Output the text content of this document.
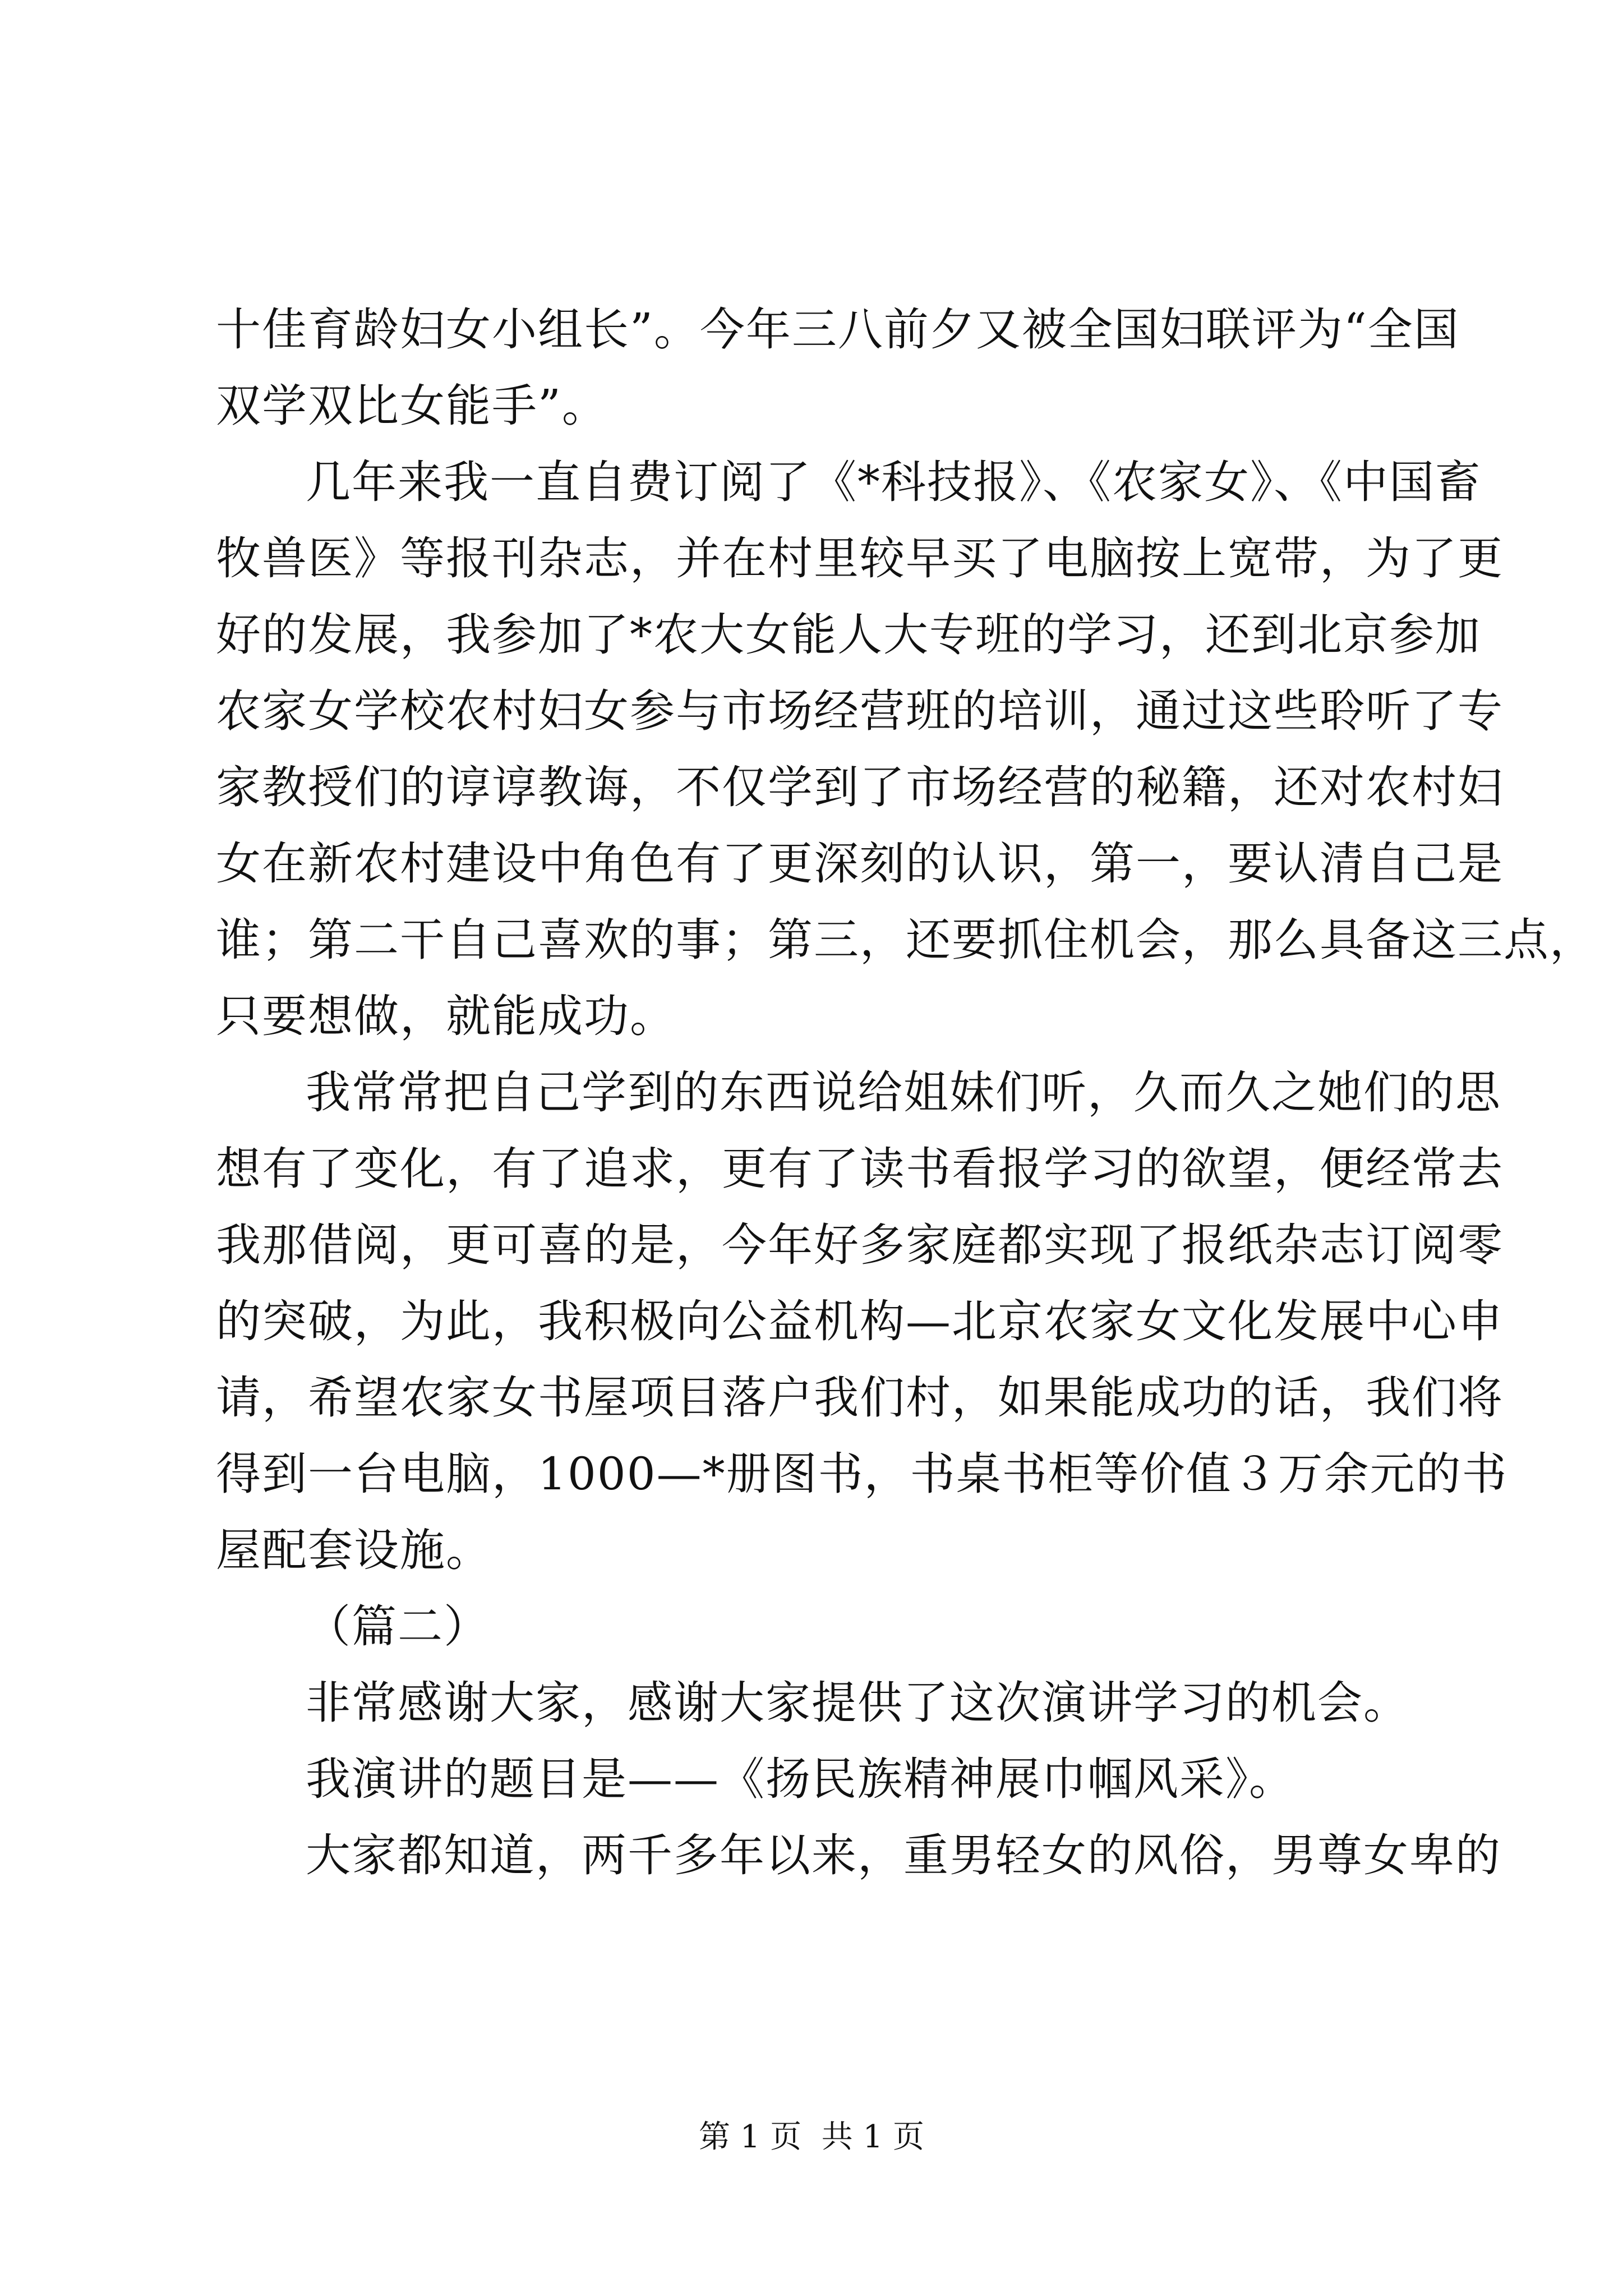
十佳育龄妇女小组长”。今年三八前夕又被全国妇联评为“全国
双学双比女能手”。
几年来我一直自费订阅了《*科技报》、《农家女》、《中国畜
牧兽医》等报刊杂志，并在村里较早买了电脑按上宽带，为了更
好的发展，我参加了*农大女能人大专班的学习，还到北京参加
农家女学校农村妇女参与市场经营班的培训，通过这些聆听了专
家教授们的谆谆教诲，不仅学到了市场经营的秘籍，还对农村妇
女在新农村建设中角色有了更深刻的认识，第一，要认清自己是
谁；第二干自己喜欢的事；第三，还要抓住机会，那么具备这三点，
只要想做，就能成功。
我常常把自己学到的东西说给姐妹们听，久而久之她们的思
想有了变化，有了追求，更有了读书看报学习的欲望，便经常去
我那借阅，更可喜的是，今年好多家庭都实现了报纸杂志订阅零
的突破，为此，我积极向公益机构—北京农家女文化发展中心申
请，希望农家女书屋项目落户我们村，如果能成功的话，我们将
得到一台电脑，1000—*册图书，书桌书柜等价值３万余元的书
屋配套设施。
（篇二）
非常感谢大家，感谢大家提供了这次演讲学习的机会。
我演讲的题目是——《扬民族精神展巾帼风采》。
大家都知道，两千多年以来，重男轻女的风俗，男尊女卑的
第 1 页  共 1 页
